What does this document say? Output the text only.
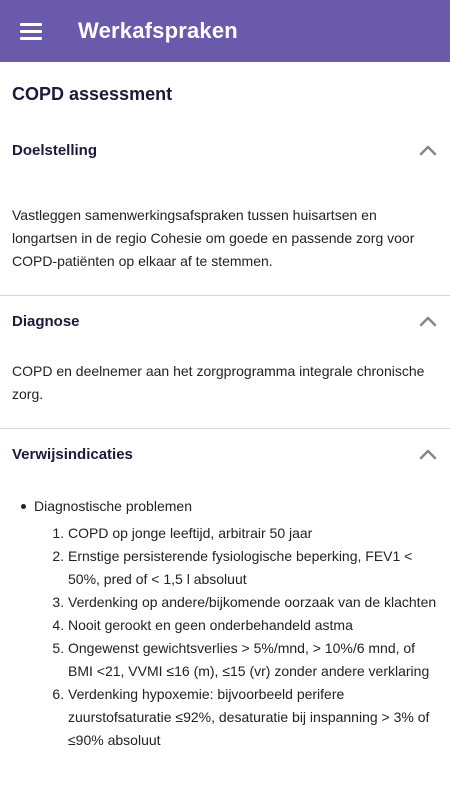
Werkafspraken
COPD assessment
Doelstelling
Vastleggen samenwerkingsafspraken tussen huisartsen en longartsen in de regio Cohesie om goede en passende zorg voor COPD-patiënten op elkaar af te stemmen.
Diagnose
COPD en deelnemer aan het zorgprogramma integrale chronische zorg.
Verwijsindicaties
Diagnostische problemen
1. COPD op jonge leeftijd, arbitrair 50 jaar
2. Ernstige persisterende fysiologische beperking, FEV1 < 50%, pred of < 1,5 l absoluut
3. Verdenking op andere/bijkomende oorzaak van de klachten
4. Nooit gerookt en geen onderbehandeld astma
5. Ongewenst gewichtsverlies > 5%/mnd, > 10%/6 mnd, of BMI <21, VVMI ≤16 (m), ≤15 (vr) zonder andere verklaring
6. Verdenking hypoxemie: bijvoorbeeld perifere zuurstofsaturatie ≤92%, desaturatie bij inspanning > 3% of ≤90% absoluut
